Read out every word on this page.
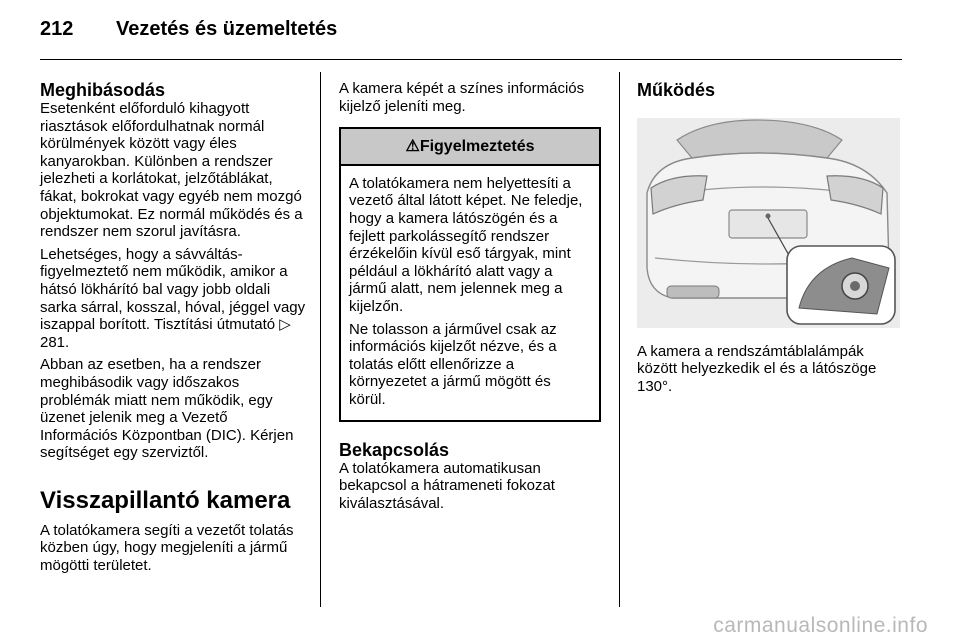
212 Vezetés és üzemeltetés
Meghibásodás

Esetenként előforduló kihagyott riasztások előfordulhatnak normál körülmények között vagy éles kanyarokban. Különben a rendszer jelezheti a korlátokat, jelzőtáblákat, fákat, bokrokat vagy egyéb nem mozgó objektumokat. Ez normál működés és a rendszer nem szorul javításra.

Lehetséges, hogy a sávváltás-figyelmeztető nem működik, amikor a hátsó lökhárító bal vagy jobb oldali sarka sárral, kosszal, hóval, jéggel vagy iszappal borított. Tisztítási útmutató ▷ 281.

Abban az esetben, ha a rendszer meghibásodik vagy időszakos problémák miatt nem működik, egy üzenet jelenik meg a Vezető Információs Központban (DIC). Kérjen segítséget egy szerviztől.

Visszapillantó kamera

A tolatókamera segíti a vezetőt tolatás közben úgy, hogy megjeleníti a jármű mögötti területet.

A kamera képét a színes információs kijelző jeleníti meg.

⚠Figyelmeztetés

A tolatókamera nem helyettesíti a vezető által látott képet. Ne feledje, hogy a kamera látószögén és a fejlett parkolássegítő rendszer érzékelőin kívül eső tárgyak, mint például a lökhárító alatt vagy a jármű alatt, nem jelennek meg a kijelzőn.

Ne tolasson a járművel csak az információs kijelzőt nézve, és a tolatás előtt ellenőrizze a környezetet a jármű mögött és körül.

Bekapcsolás

A tolatókamera automatikusan bekapcsol a hátrameneti fokozat kiválasztásával.

Működés

A kamera a rendszámtáblalámpák között helyezkedik el és a látószöge 130°.

carmanualsonline.info
